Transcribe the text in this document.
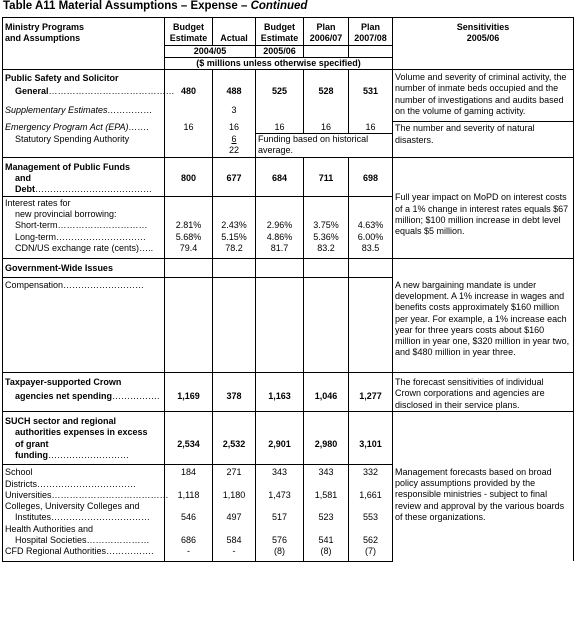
Table A11 Material Assumptions – Expense – Continued
Ministry Programs	Budget		Budget	Plan	Plan	Sensitivities
and Assumptions	Estimate	Actual	Estimate	2006/07	2007/08	2005/06
	2004/05		2005/06			
	($ millions unless otherwise specified)					
Public Safety and Solicitor						Volume and severity of criminal activity, the number of inmate beds occupied and the number of investigations and audits based on the volume of gaming activity.
General……………………………………	480	488	525	528	531	

Supplementary Estimates……………		3				

Emergency Program Act (EPA)…….	16	16	16	16	16	The number and severity of natural disasters.
Statutory Spending Authority		6	Funding based on historical average.			
		22				
Management of Public Funds						Full year impact on MoPD on interest costs of a 1% change in interest rates equals $67 million; $100 million increase in debt level equals $5 million.
and Debt…………………………………	800	677	684	711	698	
Interest rates for						
new provincial borrowing:						
Short-term…………………………	2.81%	2.43%	2.96%	3.75%	4.63%	
Long-term…………………………	5.68%	5.15%	4.86%	5.36%	6.00%	
CDN/US exchange rate (cents)…..	79.4	78.2	81.7	83.2	83.5	
Government-Wide Issues						
Compensation………………………						A new bargaining mandate is under development. A 1% increase in wages and benefits costs approximately $160 million per year. For example, a 1% increase each year for three years costs about $160 million in year one, $320 million in year two, and $480 million in year three.
Taxpayer-supported Crown						The forecast sensitivities of individual Crown corporations and agencies are disclosed in their service plans.
agencies net spending…………….	1,169	378	1,163	1,046	1,277	
SUCH sector and regional						
authorities expenses in excess						
of grant funding………………………	2,534	2,532	2,901	2,980	3,101	
School Districts……………………………	184	271	343	343	332	Management forecasts based on broad policy assumptions provided by the responsible ministries - subject to final review and approval by the various boards of these organizations.
Universities…………………………………	1,118	1,180	1,473	1,581	1,661	
Colleges, University Colleges and						
Institutes……………………………	546	497	517	523	553	
Health Authorities and						
Hospital Societies…………………	686	584	576	541	562	
CFD Regional Authorities…………….	-	-	(8)	(8)	(7)	
